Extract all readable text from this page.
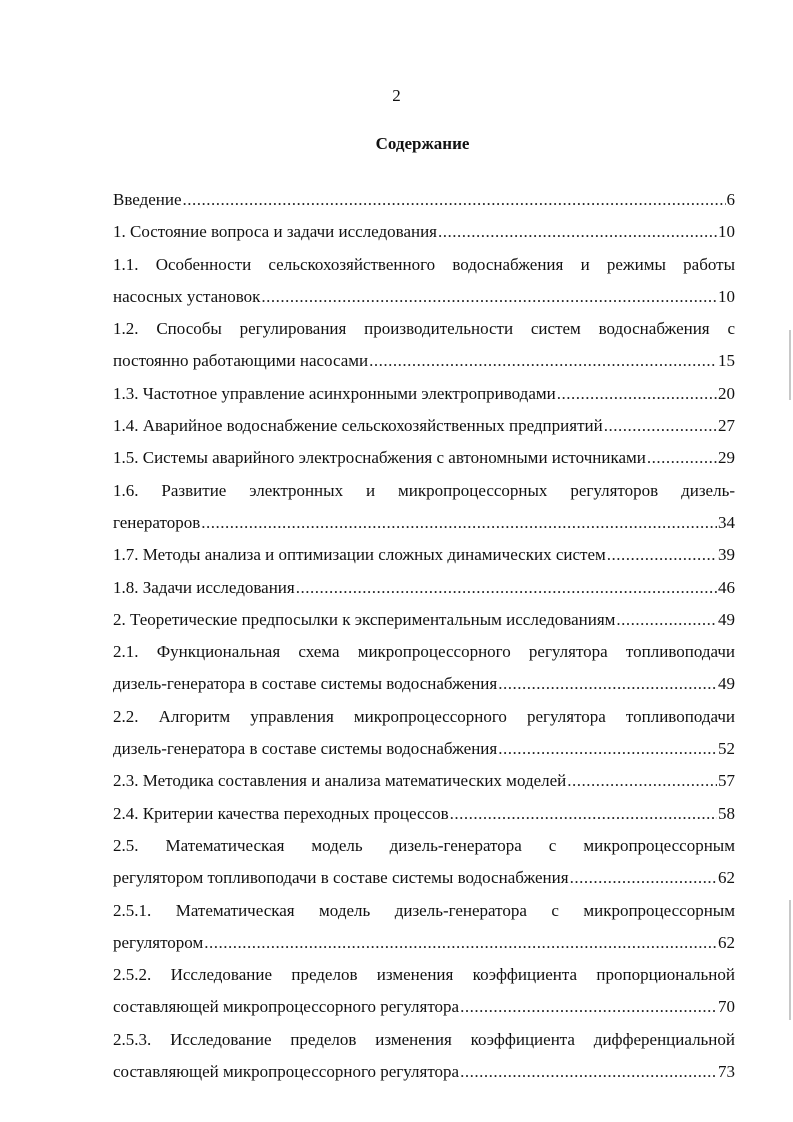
2
Содержание
Введение .....	6
1. Состояние вопроса и задачи исследования .....	10
1.1. Особенности сельскохозяйственного водоснабжения и режимы работы
насосных установок .....	10
1.2. Способы регулирования производительности систем водоснабжения с
постоянно работающими насосами .....	15
1.3. Частотное управление асинхронными электроприводами .....	20
1.4. Аварийное водоснабжение сельскохозяйственных предприятий .....	27
1.5. Системы аварийного электроснабжения с автономными источниками .....	29
1.6. Развитие электронных и микропроцессорных регуляторов дизель-
генераторов .....	34
1.7. Методы анализа и оптимизации сложных динамических систем .....	39
1.8. Задачи исследования .....	46
2. Теоретические предпосылки к экспериментальным исследованиям .....	49
2.1. Функциональная схема микропроцессорного регулятора топливоподачи
дизель-генератора в составе системы водоснабжения .....	49
2.2. Алгоритм управления микропроцессорного регулятора топливоподачи
дизель-генератора в составе системы водоснабжения .....	52
2.3. Методика составления и анализа математических моделей .....	57
2.4. Критерии качества переходных процессов .....	58
2.5. Математическая модель дизель-генератора с микропроцессорным
регулятором топливоподачи в составе системы водоснабжения .....	62
2.5.1. Математическая модель дизель-генератора с микропроцессорным
регулятором .....	62
2.5.2. Исследование пределов изменения коэффициента пропорциональной
составляющей микропроцессорного регулятора .....	70
2.5.3. Исследование пределов изменения коэффициента дифференциальной
составляющей микропроцессорного регулятора .....	73
